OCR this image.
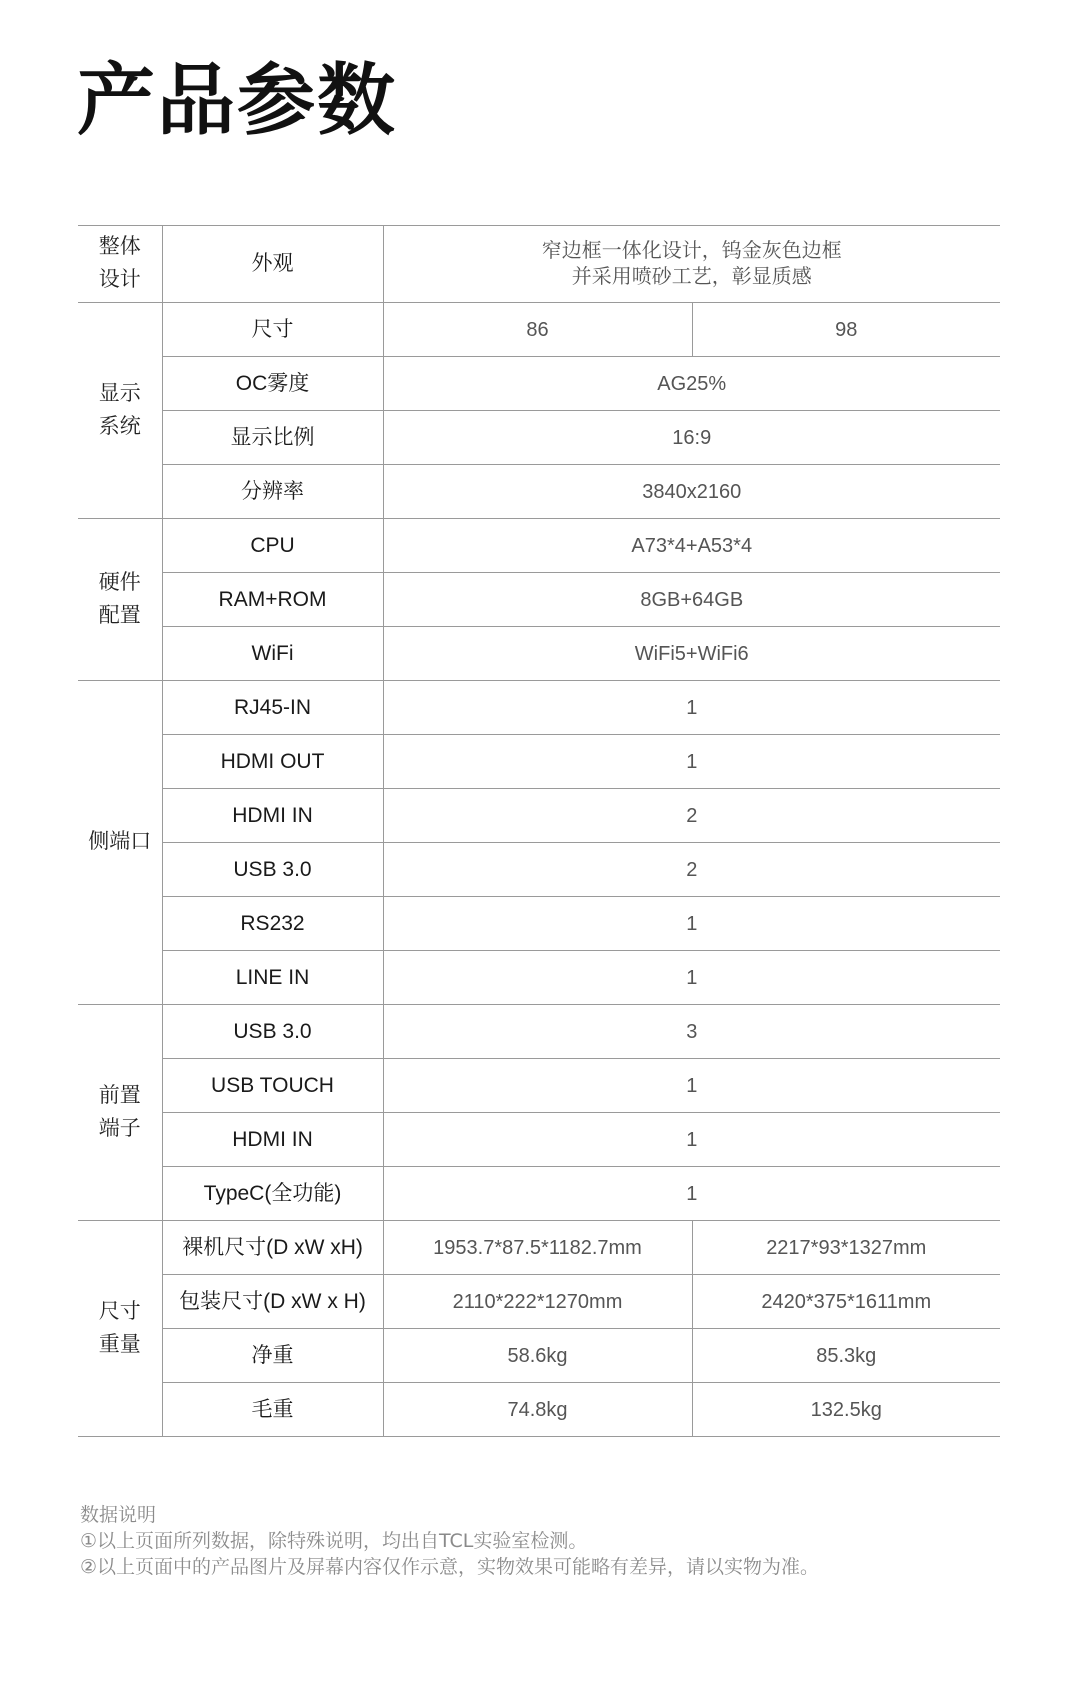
产品参数
整体
设计	外观	窄边框一体化设计，钨金灰色边框
并采用喷砂工艺，彰显质感	

显示
系统	尺寸	86	98
	OC雾度	AG25%	
	显示比例	16:9	
	分辨率	3840x2160	

硬件
配置	CPU	A73*4+A53*4	
	RAM+ROM	8GB+64GB	
	WiFi	WiFi5+WiFi6	

侧端口	RJ45-IN	1	
	HDMI OUT	1	
	HDMI IN	2	
	USB 3.0	2	
	RS232	1	
	LINE IN	1	

前置
端子	USB 3.0	3	
	USB TOUCH	1	
	HDMI IN	1	
	TypeC(全功能)	1	

尺寸
重量	裸机尺寸(D xW xH)	1953.7*87.5*1182.7mm	2217*93*1327mm
	包装尺寸(D xW x H)	2110*222*1270mm	2420*375*1611mm
	净重	58.6kg	85.3kg
	毛重	74.8kg	132.5kg
数据说明
①以上页面所列数据，除特殊说明，均出自TCL实验室检测。
②以上页面中的产品图片及屏幕内容仅作示意，实物效果可能略有差异，请以实物为准。
